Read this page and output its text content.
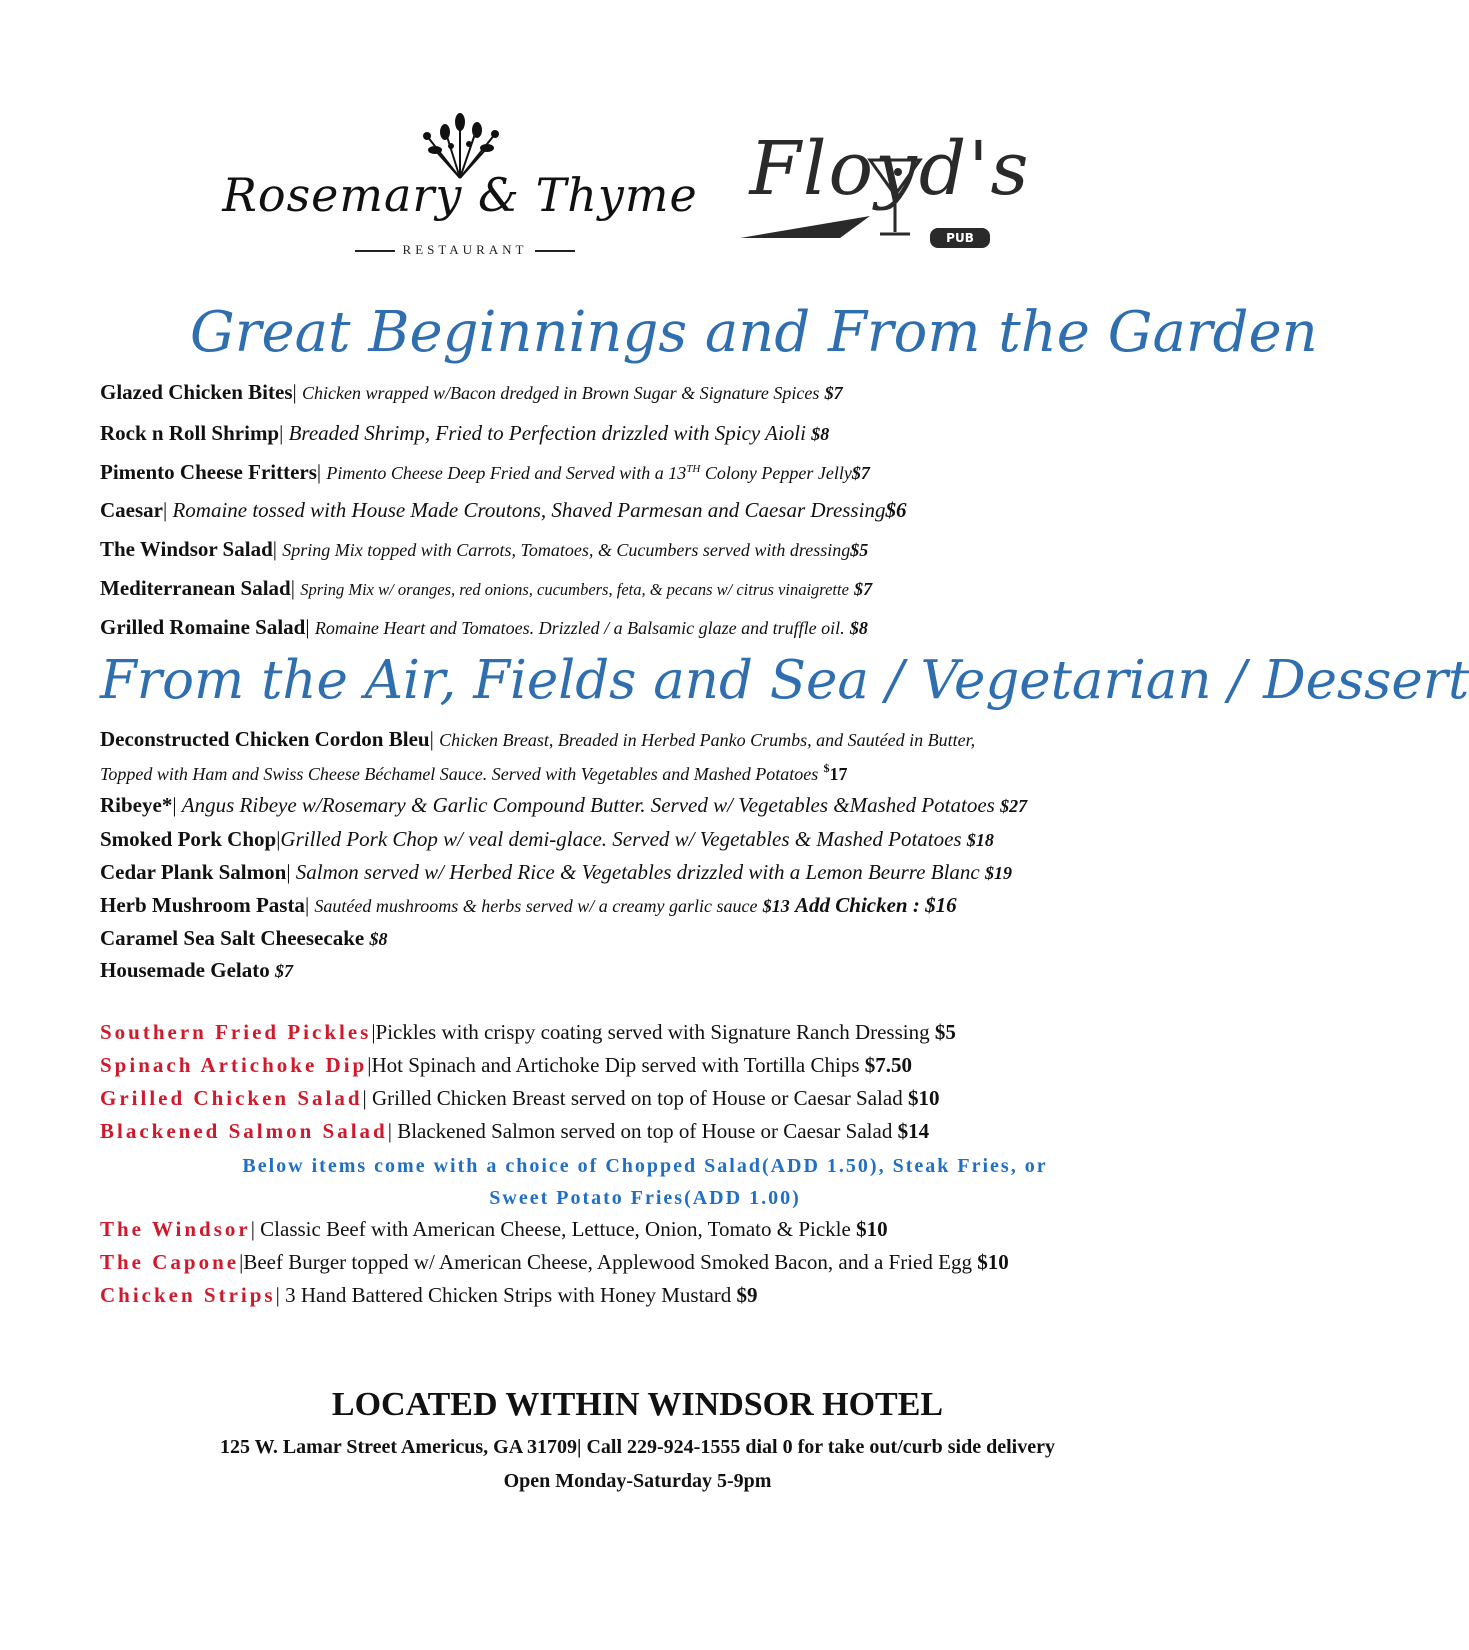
Rosemary & Thyme
RESTAURANT
Floyd's
PUB
Great Beginnings and From the Garden
Glazed Chicken Bites| Chicken wrapped w/Bacon dredged in Brown Sugar & Signature Spices $7
Rock n Roll Shrimp| Breaded Shrimp, Fried to Perfection drizzled with Spicy Aioli $8
Pimento Cheese Fritters| Pimento Cheese Deep Fried and Served with a 13TH Colony Pepper Jelly$7
Caesar| Romaine tossed with House Made Croutons, Shaved Parmesan and Caesar Dressing$6
The Windsor Salad| Spring Mix topped with Carrots, Tomatoes, & Cucumbers served with dressing$5
Mediterranean Salad| Spring Mix w/ oranges, red onions, cucumbers, feta, & pecans w/ citrus vinaigrette $7
Grilled Romaine Salad| Romaine Heart and Tomatoes. Drizzled / a Balsamic glaze and truffle oil. $8
From the Air, Fields and Sea / Vegetarian / Dessert
Deconstructed Chicken Cordon Bleu| Chicken Breast, Breaded in Herbed Panko Crumbs, and Sautéed in Butter,
Topped with Ham and Swiss Cheese Béchamel Sauce. Served with Vegetables and Mashed Potatoes $17
Ribeye*| Angus Ribeye w/Rosemary & Garlic Compound Butter. Served w/ Vegetables &Mashed Potatoes $27
Smoked Pork Chop|Grilled Pork Chop w/ veal demi-glace. Served w/ Vegetables & Mashed Potatoes $18
Cedar Plank Salmon| Salmon served w/ Herbed Rice & Vegetables drizzled with a Lemon Beurre Blanc $19
Herb Mushroom Pasta| Sautéed mushrooms & herbs served w/ a creamy garlic sauce $13 Add Chicken : $16
Caramel Sea Salt Cheesecake $8
Housemade Gelato $7
Southern Fried Pickles|Pickles with crispy coating served with Signature Ranch Dressing $5
Spinach Artichoke Dip|Hot Spinach and Artichoke Dip served with Tortilla Chips $7.50
Grilled Chicken Salad| Grilled Chicken Breast served on top of House or Caesar Salad $10
Blackened Salmon Salad| Blackened Salmon served on top of House or Caesar Salad $14
Below items come with a choice of Chopped Salad(ADD 1.50), Steak Fries, or
Sweet Potato Fries(ADD 1.00)
The Windsor| Classic Beef with American Cheese, Lettuce, Onion, Tomato & Pickle $10
The Capone|Beef Burger topped w/ American Cheese, Applewood Smoked Bacon, and a Fried Egg $10
Chicken Strips| 3 Hand Battered Chicken Strips with Honey Mustard $9
LOCATED WITHIN WINDSOR HOTEL
125 W. Lamar Street Americus, GA 31709| Call 229-924-1555 dial 0 for take out/curb side delivery
Open Monday-Saturday 5-9pm
